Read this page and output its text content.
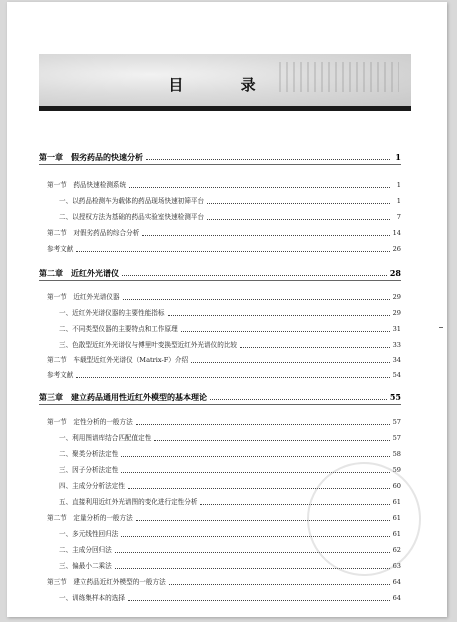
目 录
第一章　假劣药品的快速分析	1
第一节　药品快速检测系统	1
一、以药品检测车为载体的药品现场快速初筛平台	1
二、以授权方法为基础的药品实验室快速检测平台	7
第二节　对假劣药品的综合分析	14
参考文献	26
第二章　近红外光谱仪	28
第一节　近红外光谱仪器	29
一、近红外光谱仪器的主要性能指标	29
二、不同类型仪器的主要特点和工作原理	31
三、色散型近红外光谱仪与傅里叶变换型近红外光谱仪的比较	33
第二节　车载型近红外光谱仪（Matrix-F）介绍	34
参考文献	54
第三章　建立药品通用性近红外模型的基本理论	55
第一节　定性分析的一般方法	57
一、利用图谱库结合匹配值定性	57
二、聚类分析法定性	58
三、因子分析法定性	59
四、主成分分析法定性	60
五、直接利用近红外光谱图的变化进行定性分析	61
第二节　定量分析的一般方法	61
一、多元线性回归法	61
二、主成分回归法	62
三、偏最小二乘法	63
第三节　建立药品近红外模型的一般方法	64
一、训练集样本的选择	64
